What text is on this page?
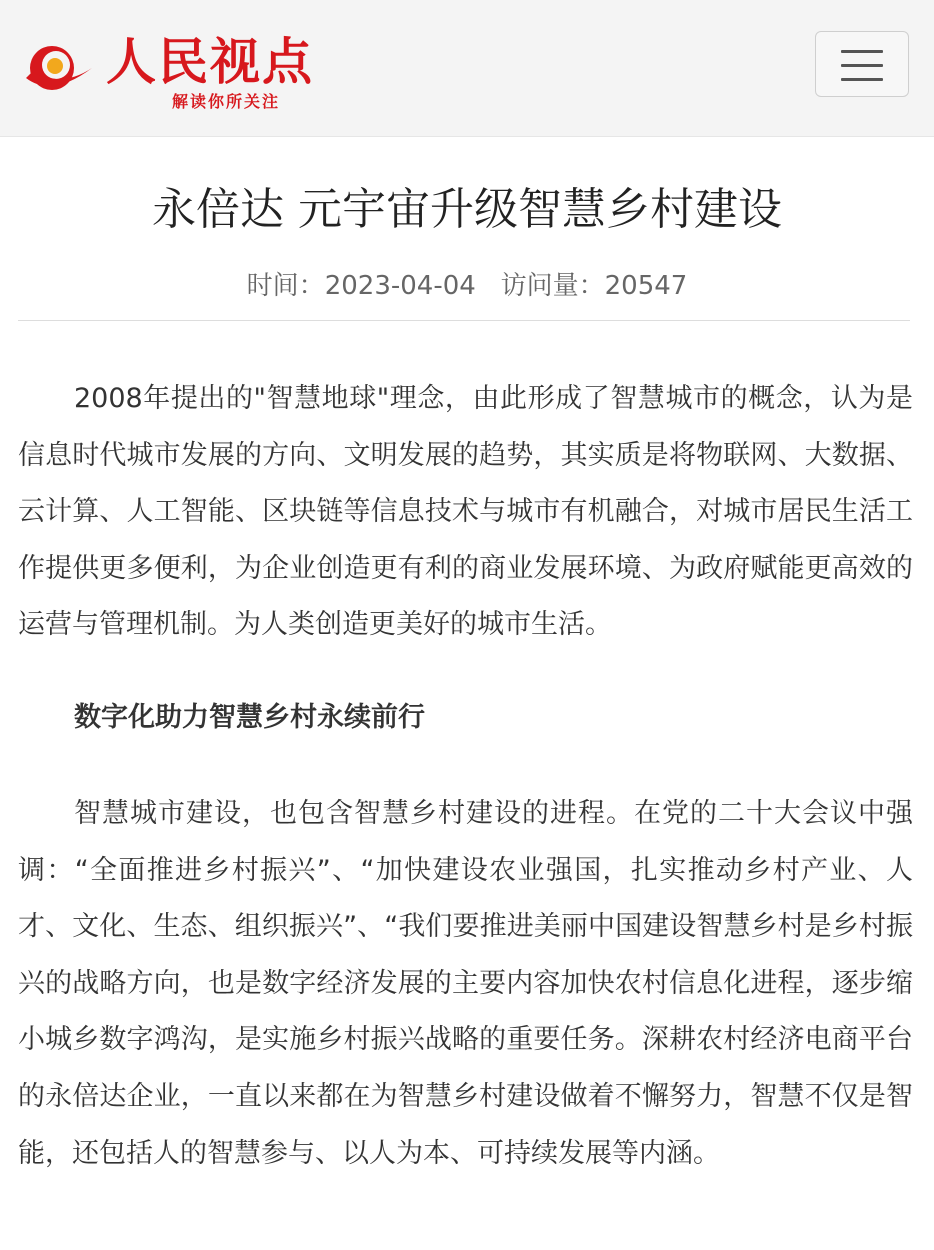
人民视点
解读你所关注
永倍达 元宇宙升级智慧乡村建设
时间：2023-04-04 访问量：20547

2008年提出的"智慧地球"理念，由此形成了智慧城市的概念，认为是信息时代城市发展的方向、文明发展的趋势，其实质是将物联网、大数据、云计算、人工智能、区块链等信息技术与城市有机融合，对城市居民生活工作提供更多便利，为企业创造更有利的商业发展环境、为政府赋能更高效的运营与管理机制。为人类创造更美好的城市生活。

数字化助力智慧乡村永续前行

智慧城市建设，也包含智慧乡村建设的进程。在党的二十大会议中强调：“全面推进乡村振兴”、“加快建设农业强国，扎实推动乡村产业、人才、文化、生态、组织振兴”、“我们要推进美丽中国建设智慧乡村是乡村振兴的战略方向，也是数字经济发展的主要内容加快农村信息化进程，逐步缩小城乡数字鸿沟，是实施乡村振兴战略的重要任务。深耕农村经济电商平台的永倍达企业，一直以来都在为智慧乡村建设做着不懈努力，智慧不仅是智能，还包括人的智慧参与、以人为本、可持续发展等内涵。
